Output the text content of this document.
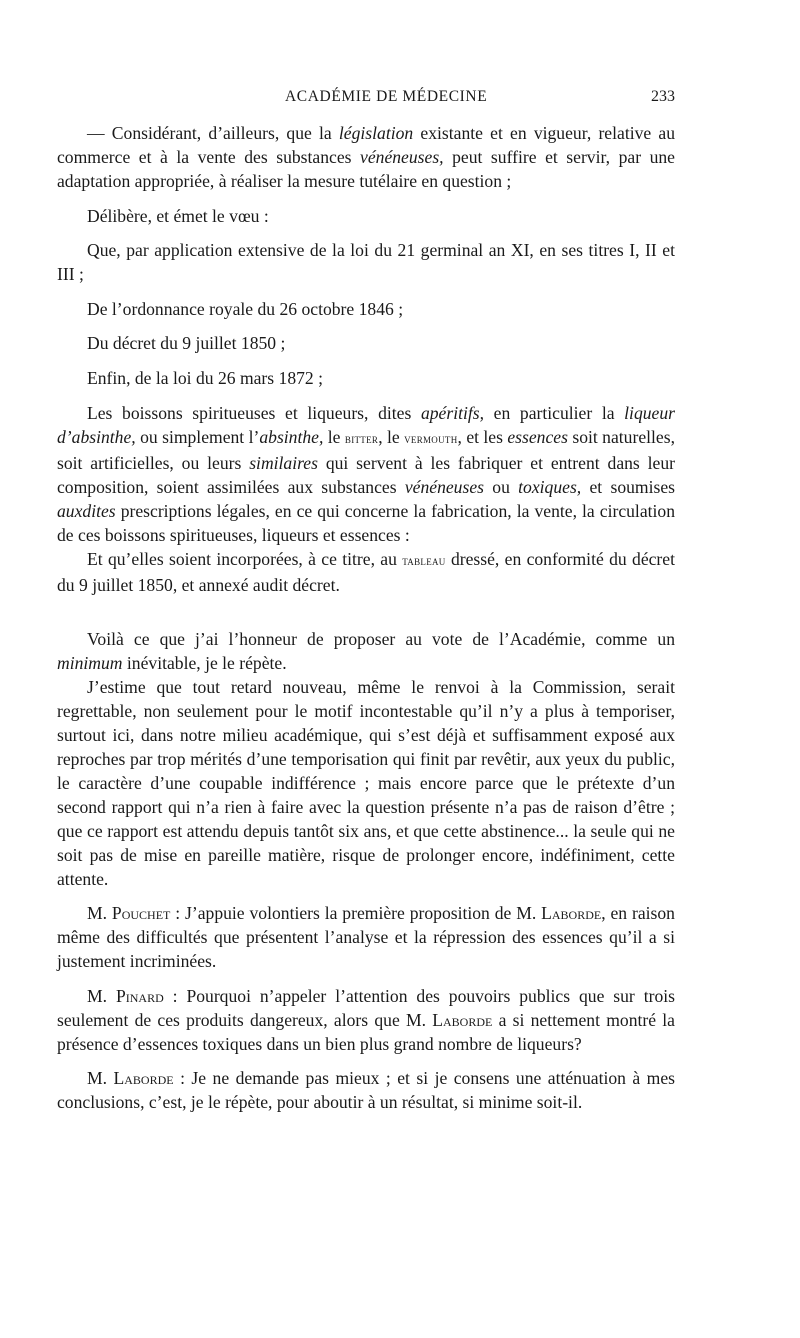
ACADÉMIE DE MÉDECINE	233

— Considérant, d’ailleurs, que la législation existante et en vigueur, relative au commerce et à la vente des substances vénéneuses, peut suffire et servir, par une adaptation appropriée, à réaliser la mesure tutélaire en question ;

Délibère, et émet le vœu :

Que, par application extensive de la loi du 21 germinal an XI, en ses titres I, II et III ;

De l’ordonnance royale du 26 octobre 1846 ;

Du décret du 9 juillet 1850 ;

Enfin, de la loi du 26 mars 1872 ;

Les boissons spiritueuses et liqueurs, dites apéritifs, en particulier la liqueur d’absinthe, ou simplement l’absinthe, le bitter, le vermouth, et les essences soit naturelles, soit artificielles, ou leurs similaires qui servent à les fabriquer et entrent dans leur composition, soient assimilées aux substances vénéneuses ou toxiques, et soumises auxdites prescriptions légales, en ce qui concerne la fabrication, la vente, la circulation de ces boissons spiritueuses, liqueurs et essences :

Et qu’elles soient incorporées, à ce titre, au tableau dressé, en conformité du décret du 9 juillet 1850, et annexé audit décret.

Voilà ce que j’ai l’honneur de proposer au vote de l’Académie, comme un minimum inévitable, je le répète.

J’estime que tout retard nouveau, même le renvoi à la Commission, serait regrettable, non seulement pour le motif incontestable qu’il n’y a plus à temporiser, surtout ici, dans notre milieu académique, qui s’est déjà et suffisamment exposé aux reproches par trop mérités d’une temporisation qui finit par revêtir, aux yeux du public, le caractère d’une coupable indifférence ; mais encore parce que le prétexte d’un second rapport qui n’a rien à faire avec la question présente n’a pas de raison d’être ; que ce rapport est attendu depuis tantôt six ans, et que cette abstinence... la seule qui ne soit pas de mise en pareille matière, risque de prolonger encore, indéfiniment, cette attente.

M. Pouchet : J’appuie volontiers la première proposition de M. Laborde, en raison même des difficultés que présentent l’analyse et la répression des essences qu’il a si justement incriminées.

M. Pinard : Pourquoi n’appeler l’attention des pouvoirs publics que sur trois seulement de ces produits dangereux, alors que M. Laborde a si nettement montré la présence d’essences toxiques dans un bien plus grand nombre de liqueurs?

M. Laborde : Je ne demande pas mieux ; et si je consens une atténuation à mes conclusions, c’est, je le répète, pour aboutir à un résultat, si minime soit-il.
